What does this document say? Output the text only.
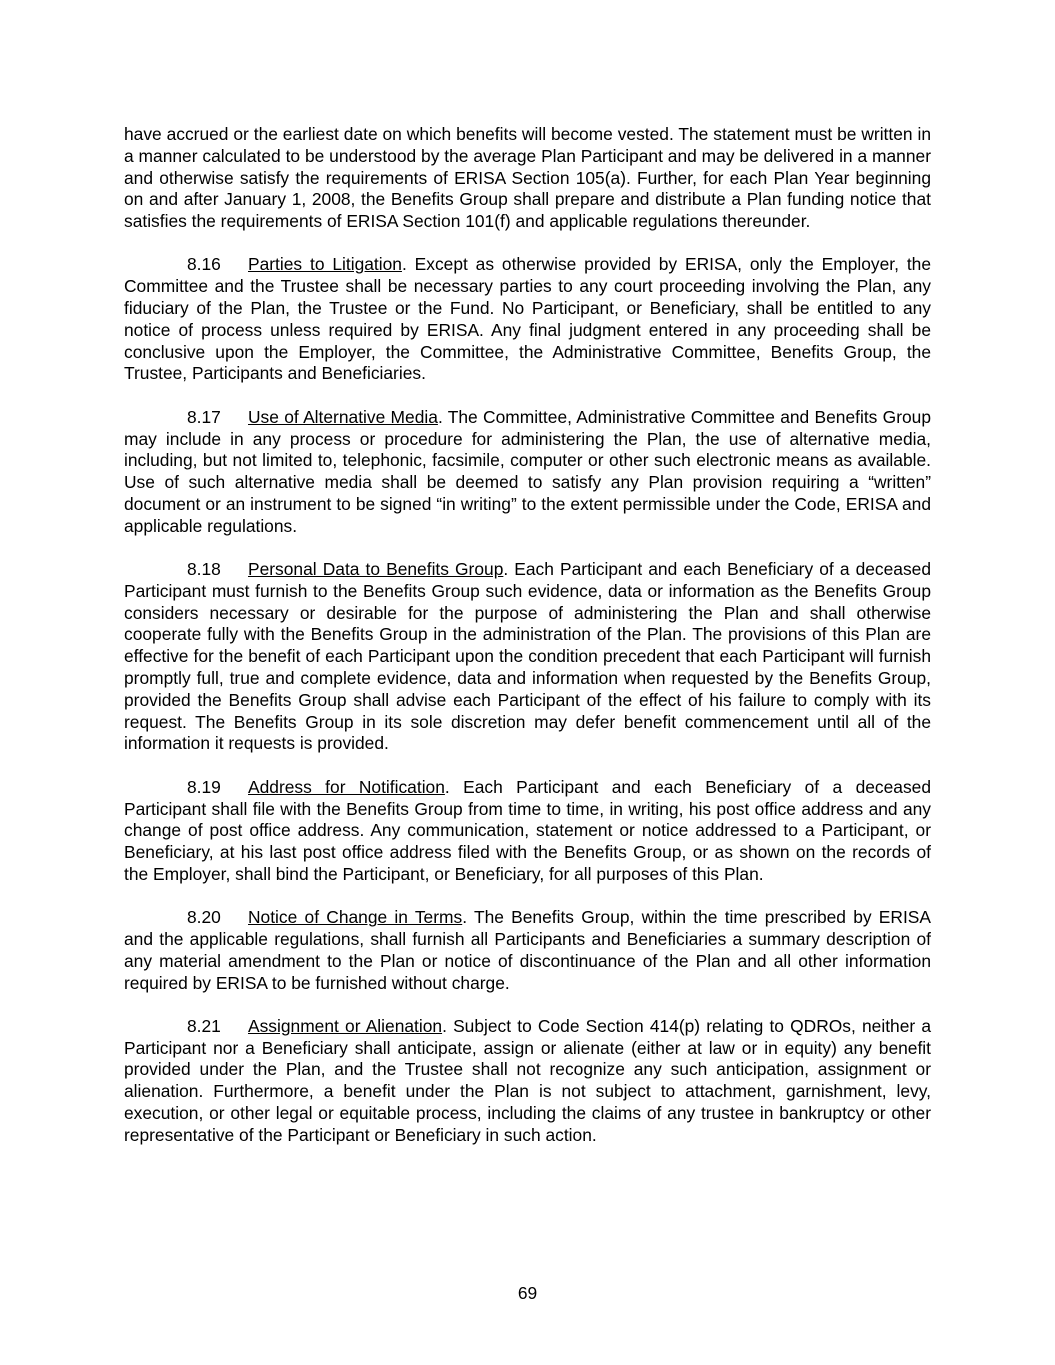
have accrued or the earliest date on which benefits will become vested. The statement must be written in a manner calculated to be understood by the average Plan Participant and may be delivered in a manner and otherwise satisfy the requirements of ERISA Section 105(a). Further, for each Plan Year beginning on and after January 1, 2008, the Benefits Group shall prepare and distribute a Plan funding notice that satisfies the requirements of ERISA Section 101(f) and applicable regulations thereunder.

8.16 Parties to Litigation. Except as otherwise provided by ERISA, only the Employer, the Committee and the Trustee shall be necessary parties to any court proceeding involving the Plan, any fiduciary of the Plan, the Trustee or the Fund. No Participant, or Beneficiary, shall be entitled to any notice of process unless required by ERISA. Any final judgment entered in any proceeding shall be conclusive upon the Employer, the Committee, the Administrative Committee, Benefits Group, the Trustee, Participants and Beneficiaries.

8.17 Use of Alternative Media. The Committee, Administrative Committee and Benefits Group may include in any process or procedure for administering the Plan, the use of alternative media, including, but not limited to, telephonic, facsimile, computer or other such electronic means as available. Use of such alternative media shall be deemed to satisfy any Plan provision requiring a “written” document or an instrument to be signed “in writing” to the extent permissible under the Code, ERISA and applicable regulations.

8.18 Personal Data to Benefits Group. Each Participant and each Beneficiary of a deceased Participant must furnish to the Benefits Group such evidence, data or information as the Benefits Group considers necessary or desirable for the purpose of administering the Plan and shall otherwise cooperate fully with the Benefits Group in the administration of the Plan. The provisions of this Plan are effective for the benefit of each Participant upon the condition precedent that each Participant will furnish promptly full, true and complete evidence, data and information when requested by the Benefits Group, provided the Benefits Group shall advise each Participant of the effect of his failure to comply with its request. The Benefits Group in its sole discretion may defer benefit commencement until all of the information it requests is provided.

8.19 Address for Notification. Each Participant and each Beneficiary of a deceased Participant shall file with the Benefits Group from time to time, in writing, his post office address and any change of post office address. Any communication, statement or notice addressed to a Participant, or Beneficiary, at his last post office address filed with the Benefits Group, or as shown on the records of the Employer, shall bind the Participant, or Beneficiary, for all purposes of this Plan.

8.20 Notice of Change in Terms. The Benefits Group, within the time prescribed by ERISA and the applicable regulations, shall furnish all Participants and Beneficiaries a summary description of any material amendment to the Plan or notice of discontinuance of the Plan and all other information required by ERISA to be furnished without charge.

8.21 Assignment or Alienation. Subject to Code Section 414(p) relating to QDROs, neither a Participant nor a Beneficiary shall anticipate, assign or alienate (either at law or in equity) any benefit provided under the Plan, and the Trustee shall not recognize any such anticipation, assignment or alienation. Furthermore, a benefit under the Plan is not subject to attachment, garnishment, levy, execution, or other legal or equitable process, including the claims of any trustee in bankruptcy or other representative of the Participant or Beneficiary in such action.

69
